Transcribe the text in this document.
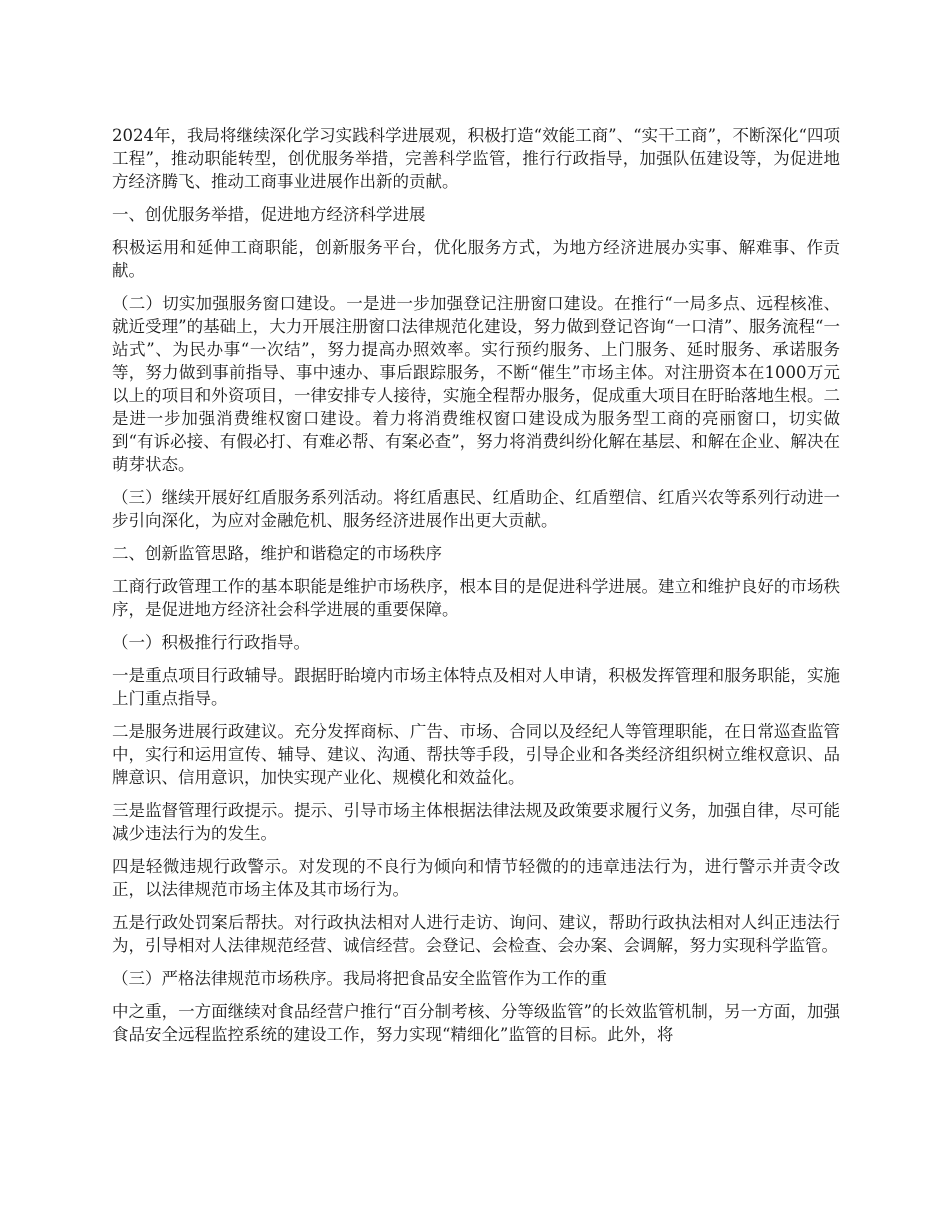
2024年，我局将继续深化学习实践科学进展观，积极打造“效能工商”、“实干工商”，不断深化“四项工程”，推动职能转型，创优服务举措，完善科学监管，推行行政指导，加强队伍建设等，为促进地方经济腾飞、推动工商事业进展作出新的贡献。

一、创优服务举措，促进地方经济科学进展

积极运用和延伸工商职能，创新服务平台，优化服务方式，为地方经济进展办实事、解难事、作贡献。

（二）切实加强服务窗口建设。一是进一步加强登记注册窗口建设。在推行“一局多点、远程核准、就近受理”的基础上，大力开展注册窗口法律规范化建设，努力做到登记咨询“一口清”、服务流程“一站式”、为民办事“一次结”，努力提高办照效率。实行预约服务、上门服务、延时服务、承诺服务等，努力做到事前指导、事中速办、事后跟踪服务，不断“催生”市场主体。对注册资本在1000万元以上的项目和外资项目，一律安排专人接待，实施全程帮办服务，促成重大项目在盱眙落地生根。二是进一步加强消费维权窗口建设。着力将消费维权窗口建设成为服务型工商的亮丽窗口，切实做到“有诉必接、有假必打、有难必帮、有案必查”，努力将消费纠纷化解在基层、和解在企业、解决在萌芽状态。

（三）继续开展好红盾服务系列活动。将红盾惠民、红盾助企、红盾塑信、红盾兴农等系列行动进一步引向深化，为应对金融危机、服务经济进展作出更大贡献。

二、创新监管思路，维护和谐稳定的市场秩序

工商行政管理工作的基本职能是维护市场秩序，根本目的是促进科学进展。建立和维护良好的市场秩序，是促进地方经济社会科学进展的重要保障。

（一）积极推行行政指导。

一是重点项目行政辅导。跟据盱眙境内市场主体特点及相对人申请，积极发挥管理和服务职能，实施上门重点指导。

二是服务进展行政建议。充分发挥商标、广告、市场、合同以及经纪人等管理职能，在日常巡查监管中，实行和运用宣传、辅导、建议、沟通、帮扶等手段，引导企业和各类经济组织树立维权意识、品牌意识、信用意识，加快实现产业化、规模化和效益化。

三是监督管理行政提示。提示、引导市场主体根据法律法规及政策要求履行义务，加强自律，尽可能减少违法行为的发生。

四是轻微违规行政警示。对发现的不良行为倾向和情节轻微的的违章违法行为，进行警示并责令改正，以法律规范市场主体及其市场行为。

五是行政处罚案后帮扶。对行政执法相对人进行走访、询问、建议，帮助行政执法相对人纠正违法行为，引导相对人法律规范经营、诚信经营。会登记、会检查、会办案、会调解，努力实现科学监管。

（三）严格法律规范市场秩序。我局将把食品安全监管作为工作的重

中之重，一方面继续对食品经营户推行“百分制考核、分等级监管”的长效监管机制，另一方面，加强食品安全远程监控系统的建设工作，努力实现“精细化”监管的目标。此外，将
